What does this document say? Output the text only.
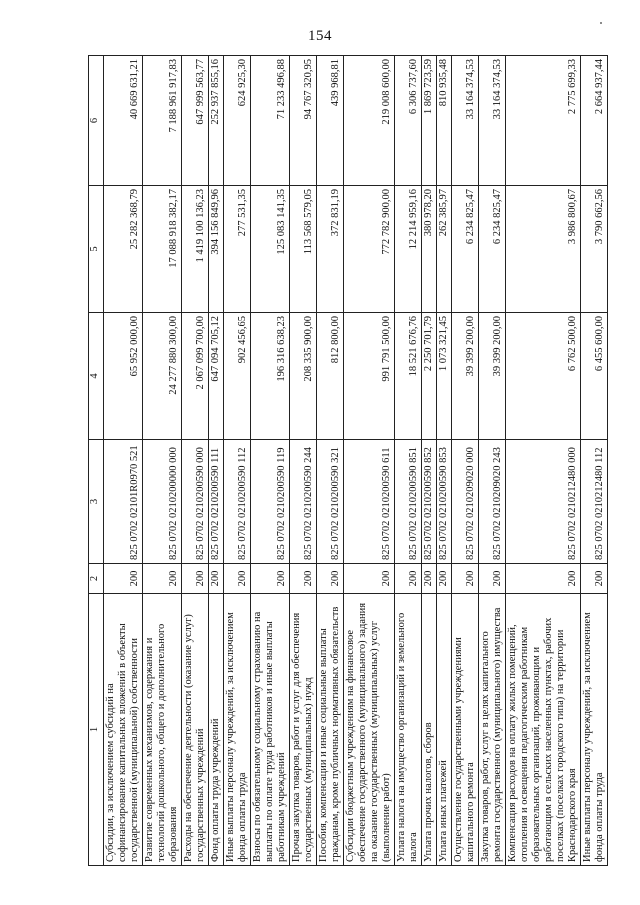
154
1	2	3	4	5	6
Субсидии, за исключением субсидий на софинансирование капитальных вложений в объекты государственной (муниципальной) собственности	200	825 0702 02101R0970 521	65 952 000,00	25 282 368,79	40 669 631,21
Развитие современных механизмов, содержания и технологий дошкольного, общего и дополнительного образования	200	825 0702 0210200000 000	24 277 880 300,00	17 088 918 382,17	7 188 961 917,83
Расходы на обеспечение деятельности (оказание услуг) государственных учреждений	200	825 0702 0210200590 000	2 067 099 700,00	1 419 100 136,23	647 999 563,77
Фонд оплаты труда учреждений	200	825 0702 0210200590 111	647 094 705,12	394 156 849,96	252 937 855,16
Иные выплаты персоналу учреждений, за исключением фонда оплаты труда	200	825 0702 0210200590 112	902 456,65	277 531,35	624 925,30
Взносы по обязательному социальному страхованию на выплаты по оплате труда работников и иные выплаты работникам учреждений	200	825 0702 0210200590 119	196 316 638,23	125 083 141,35	71 233 496,88
Прочая закупка товаров, работ и услуг для обеспечения государственных (муниципальных) нужд	200	825 0702 0210200590 244	208 335 900,00	113 568 579,05	94 767 320,95
Пособия, компенсации и иные социальные выплаты гражданам, кроме публичных нормативных обязательств	200	825 0702 0210200590 321	812 800,00	372 831,19	439 968,81
Субсидии бюджетным учреждениям на финансовое обеспечение государственного (муниципального) задания на оказание государственных (муниципальных) услуг (выполнение работ)	200	825 0702 0210200590 611	991 791 500,00	772 782 900,00	219 008 600,00
Уплата налога на имущество организаций и земельного налога	200	825 0702 0210200590 851	18 521 676,76	12 214 959,16	6 306 737,60
Уплата прочих налогов, сборов	200	825 0702 0210200590 852	2 250 701,79	380 978,20	1 869 723,59
Уплата иных платежей	200	825 0702 0210200590 853	1 073 321,45	262 385,97	810 935,48
Осуществление государственными учреждениями капитального ремонта	200	825 0702 0210209020 000	39 399 200,00	6 234 825,47	33 164 374,53
Закупка товаров, работ, услуг в целях капитального ремонта государственного (муниципального) имущества	200	825 0702 0210209020 243	39 399 200,00	6 234 825,47	33 164 374,53
Компенсация расходов на оплату жилых помещений, отопления и освещения педагогическим работникам образовательных организаций, проживающим и работающим в сельских населенных пунктах, рабочих поселках (поселках городского типа) на территории Краснодарского края	200	825 0702 0210212480 000	6 762 500,00	3 986 800,67	2 775 699,33
Иные выплаты персоналу учреждений, за исключением фонда оплаты труда	200	825 0702 0210212480 112	6 455 600,00	3 790 662,56	2 664 937,44
